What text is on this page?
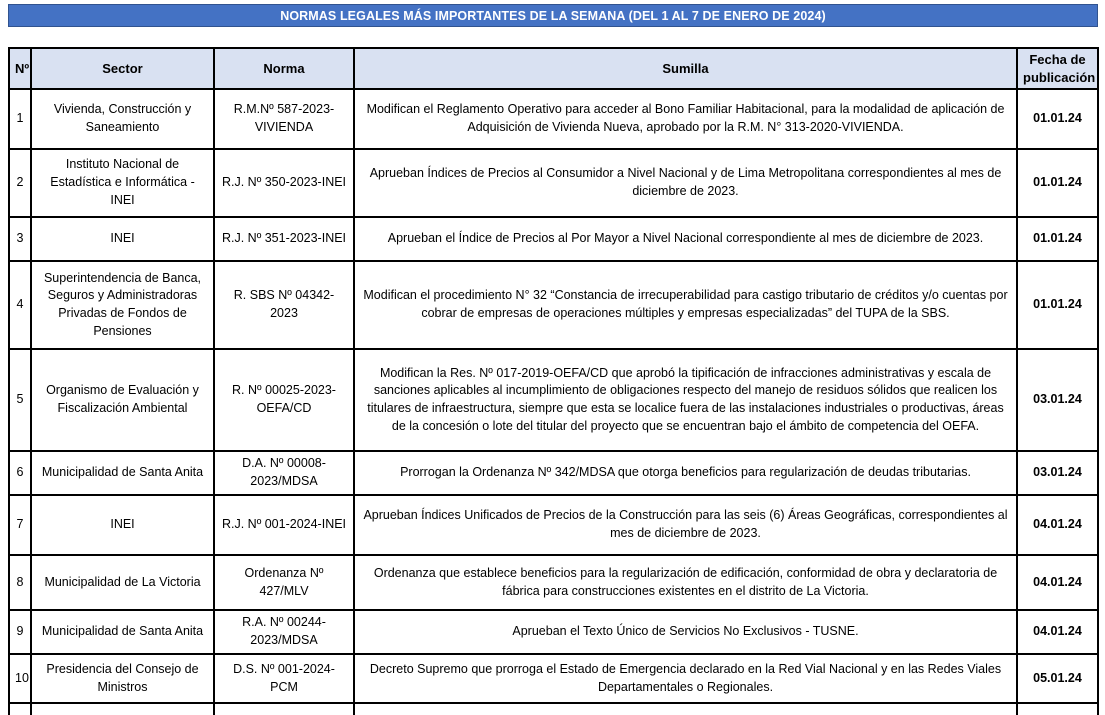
NORMAS LEGALES MÁS IMPORTANTES DE LA SEMANA (DEL 1 AL 7 DE ENERO DE 2024)
Nº	Sector	Norma	Sumilla	Fecha de publicación
1	Vivienda, Construcción y Saneamiento	R.M.Nº 587-2023-VIVIENDA	Modifican el Reglamento Operativo para acceder al Bono Familiar Habitacional, para la modalidad de aplicación de Adquisición de Vivienda Nueva, aprobado por la R.M. N° 313-2020-VIVIENDA.	01.01.24
2	Instituto Nacional de Estadística e Informática - INEI	R.J. Nº 350-2023-INEI	Aprueban Índices de Precios al Consumidor a Nivel Nacional y de Lima Metropolitana correspondientes al mes de diciembre de 2023.	01.01.24
3	INEI	R.J. Nº 351-2023-INEI	Aprueban el Índice de Precios al Por Mayor a Nivel Nacional correspondiente al mes de diciembre de 2023.	01.01.24
4	Superintendencia de Banca, Seguros y Administradoras Privadas de Fondos de Pensiones	R. SBS Nº 04342-2023	Modifican el procedimiento N° 32 “Constancia de irrecuperabilidad para castigo tributario de créditos y/o cuentas por cobrar de empresas de operaciones múltiples y empresas especializadas” del TUPA de la SBS.	01.01.24
5	Organismo de Evaluación y Fiscalización Ambiental	R. Nº 00025-2023-OEFA/CD	Modifican la Res. Nº 017-2019-OEFA/CD que aprobó la tipificación de infracciones administrativas y escala de sanciones aplicables al incumplimiento de obligaciones respecto del manejo de residuos sólidos que realicen los titulares de infraestructura, siempre que esta se localice fuera de las instalaciones industriales o productivas, áreas de la concesión o lote del titular del proyecto que se encuentran bajo el ámbito de competencia del OEFA.	03.01.24
6	Municipalidad de Santa Anita	D.A. Nº 00008-2023/MDSA	Prorrogan la Ordenanza Nº 342/MDSA que otorga beneficios para regularización de deudas tributarias.	03.01.24
7	INEI	R.J. Nº 001-2024-INEI	Aprueban Índices Unificados de Precios de la Construcción para las seis (6) Áreas Geográficas, correspondientes al mes de diciembre de 2023.	04.01.24
8	Municipalidad de La Victoria	Ordenanza Nº 427/MLV	Ordenanza que establece beneficios para la regularización de edificación, conformidad de obra y declaratoria de fábrica para construcciones existentes en el distrito de La Victoria.	04.01.24
9	Municipalidad de Santa Anita	R.A. Nº 00244-2023/MDSA	Aprueban el Texto Único de Servicios No Exclusivos - TUSNE.	04.01.24
10	Presidencia del Consejo de Ministros	D.S. Nº 001-2024-PCM	Decreto Supremo que prorroga el Estado de Emergencia declarado en la Red Vial Nacional y en las Redes Viales Departamentales o Regionales.	05.01.24
